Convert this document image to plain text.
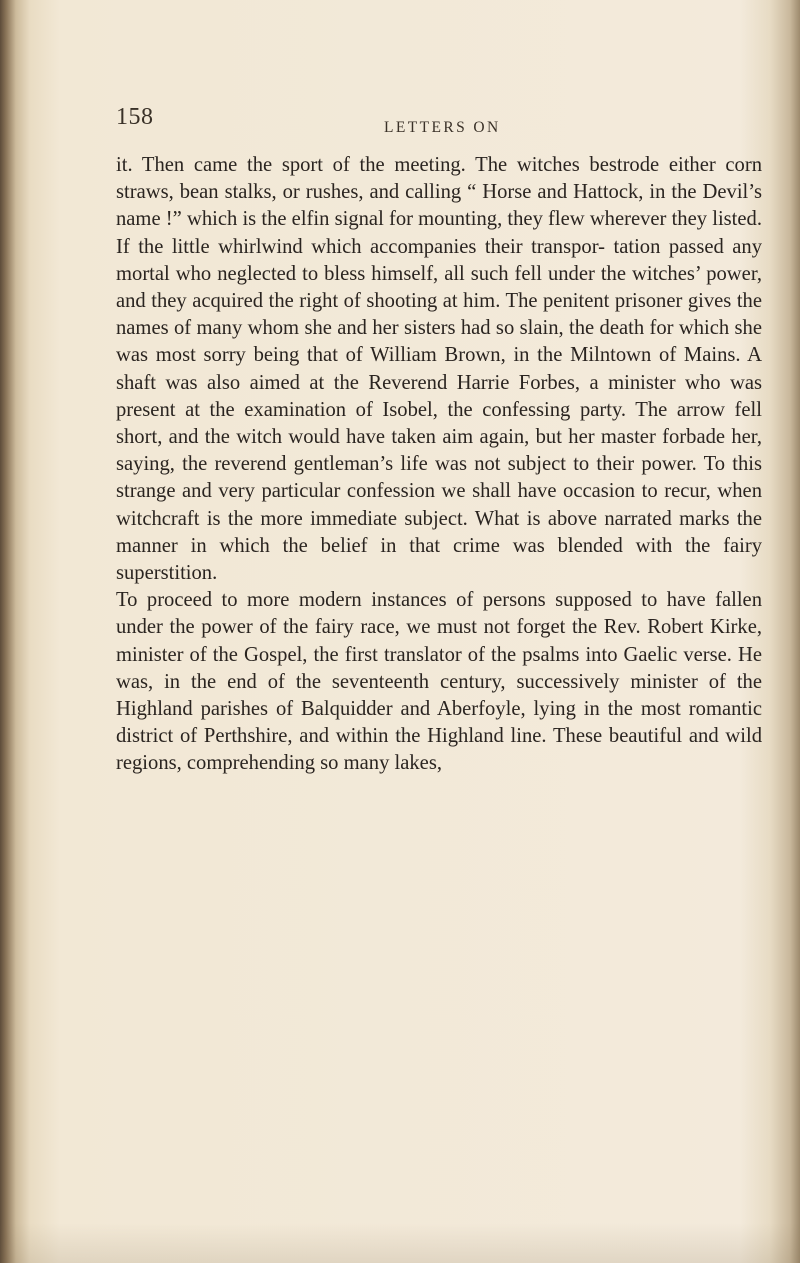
158	LETTERS ON

it. Then came the sport of the meeting. The witches bestrode either corn straws, bean stalks, or rushes, and calling “ Horse and Hattock, in the Devil’s name !” which is the elfin signal for mounting, they flew wherever they listed. If the little whirlwind which accompanies their transpor- tation passed any mortal who neglected to bless himself, all such fell under the witches’ power, and they acquired the right of shooting at him. The penitent prisoner gives the names of many whom she and her sisters had so slain, the death for which she was most sorry being that of William Brown, in the Milntown of Mains. A shaft was also aimed at the Reverend Harrie Forbes, a minister who was present at the examination of Isobel, the confessing party. The arrow fell short, and the witch would have taken aim again, but her master forbade her, saying, the reverend gentleman’s life was not subject to their power. To this strange and very particular confession we shall have occasion to recur, when witchcraft is the more immediate subject. What is above narrated marks the manner in which the belief in that crime was blended with the fairy superstition.

To proceed to more modern instances of persons supposed to have fallen under the power of the fairy race, we must not forget the Rev. Robert Kirke, minister of the Gospel, the first translator of the psalms into Gaelic verse. He was, in the end of the seventeenth century, successively minister of the Highland parishes of Balquidder and Aberfoyle, lying in the most romantic district of Perthshire, and within the Highland line. These beautiful and wild regions, comprehending so many lakes,
